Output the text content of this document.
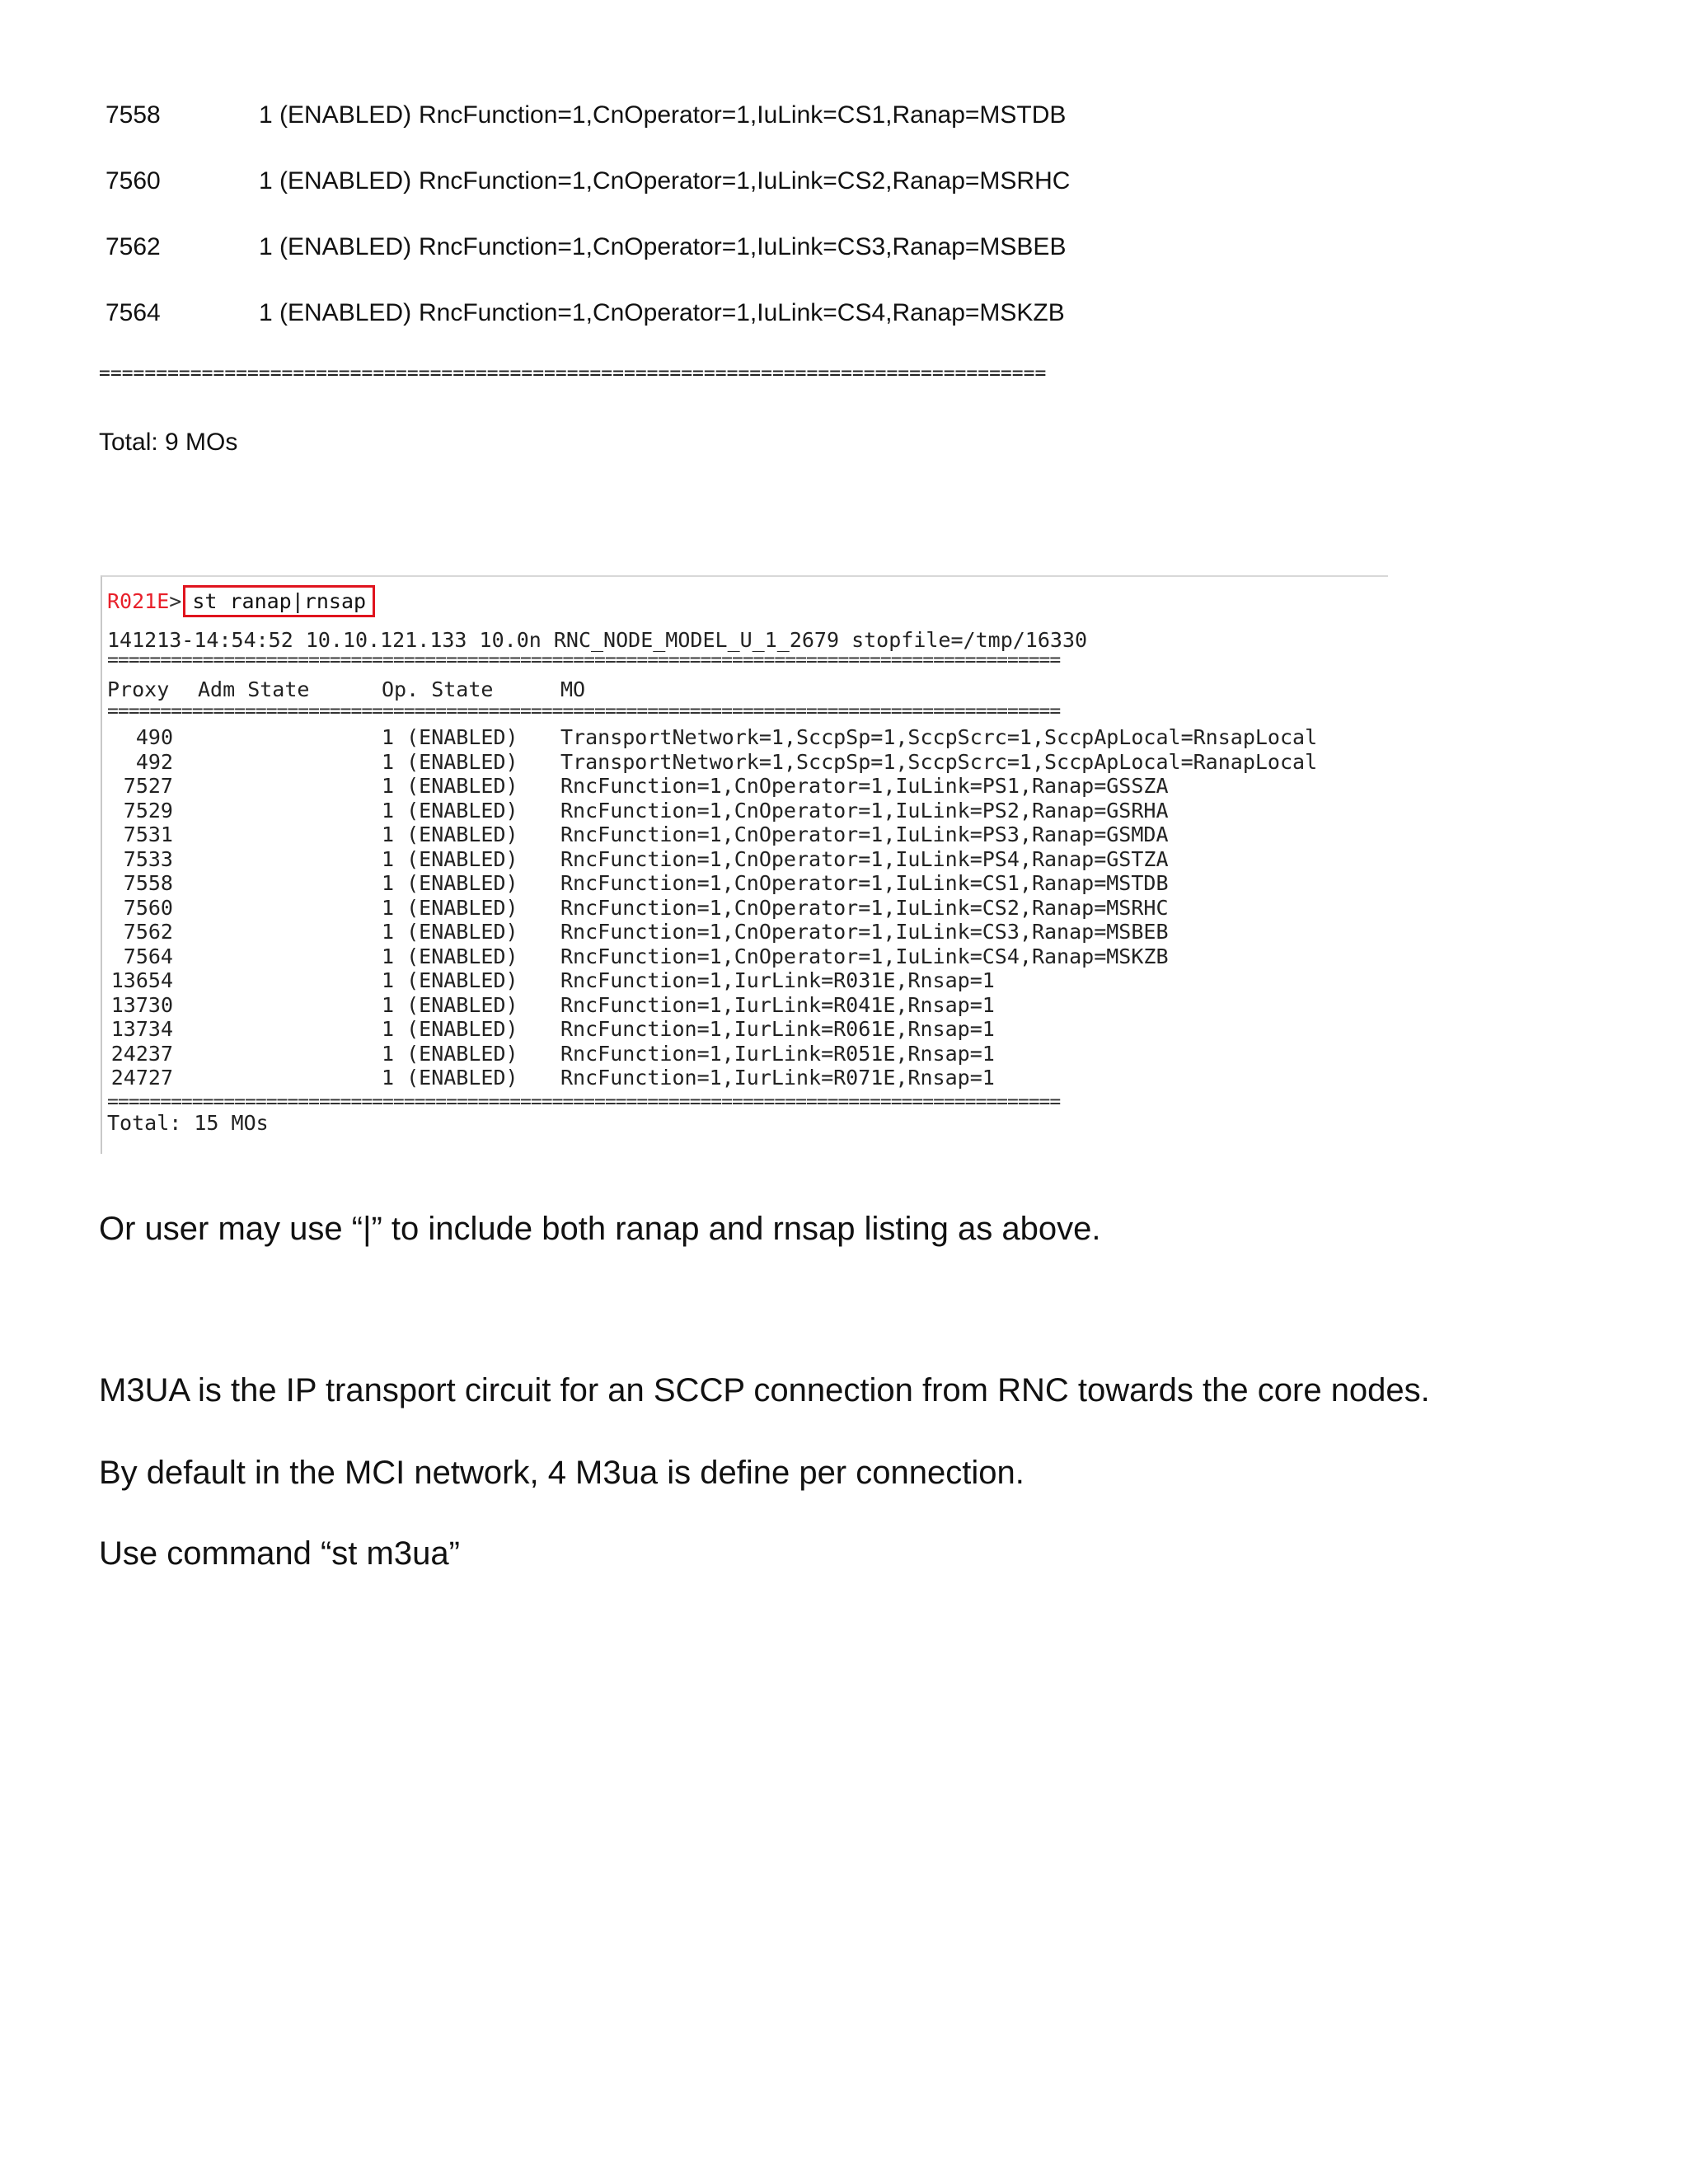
7558	1 (ENABLED) RncFunction=1,CnOperator=1,IuLink=CS1,Ranap=MSTDB
7560	1 (ENABLED) RncFunction=1,CnOperator=1,IuLink=CS2,Ranap=MSRHC
7562	1 (ENABLED) RncFunction=1,CnOperator=1,IuLink=CS3,Ranap=MSBEB
7564	1 (ENABLED) RncFunction=1,CnOperator=1,IuLink=CS4,Ranap=MSKZB
===================================================================================
Total: 9 MOs
R021E> st ranap|rnsap
141213-14:54:52 10.10.121.133 10.0n RNC_NODE_MODEL_U_1_2679 stopfile=/tmp/16330
==========================================================================================
Proxy Adm State	Op. State	MO
==========================================================================================
490	1 (ENABLED) TransportNetwork=1,SccpSp=1,SccpScrc=1,SccpApLocal=RnsapLocal
492	1 (ENABLED) TransportNetwork=1,SccpSp=1,SccpScrc=1,SccpApLocal=RanapLocal
7527	1 (ENABLED) RncFunction=1,CnOperator=1,IuLink=PS1,Ranap=GSSZA
7529	1 (ENABLED) RncFunction=1,CnOperator=1,IuLink=PS2,Ranap=GSRHA
7531	1 (ENABLED) RncFunction=1,CnOperator=1,IuLink=PS3,Ranap=GSMDA
7533	1 (ENABLED) RncFunction=1,CnOperator=1,IuLink=PS4,Ranap=GSTZA
7558	1 (ENABLED) RncFunction=1,CnOperator=1,IuLink=CS1,Ranap=MSTDB
7560	1 (ENABLED) RncFunction=1,CnOperator=1,IuLink=CS2,Ranap=MSRHC
7562	1 (ENABLED) RncFunction=1,CnOperator=1,IuLink=CS3,Ranap=MSBEB
7564	1 (ENABLED) RncFunction=1,CnOperator=1,IuLink=CS4,Ranap=MSKZB
13654	1 (ENABLED) RncFunction=1,IurLink=R031E,Rnsap=1
13730	1 (ENABLED) RncFunction=1,IurLink=R041E,Rnsap=1
13734	1 (ENABLED) RncFunction=1,IurLink=R061E,Rnsap=1
24237	1 (ENABLED) RncFunction=1,IurLink=R051E,Rnsap=1
24727	1 (ENABLED) RncFunction=1,IurLink=R071E,Rnsap=1
==========================================================================================
Total: 15 MOs
Or user may use “|” to include both ranap and rnsap listing as above.
M3UA is the IP transport circuit for an SCCP connection from RNC towards the core nodes.
By default in the MCI network, 4 M3ua is define per connection.
Use command “st m3ua”
